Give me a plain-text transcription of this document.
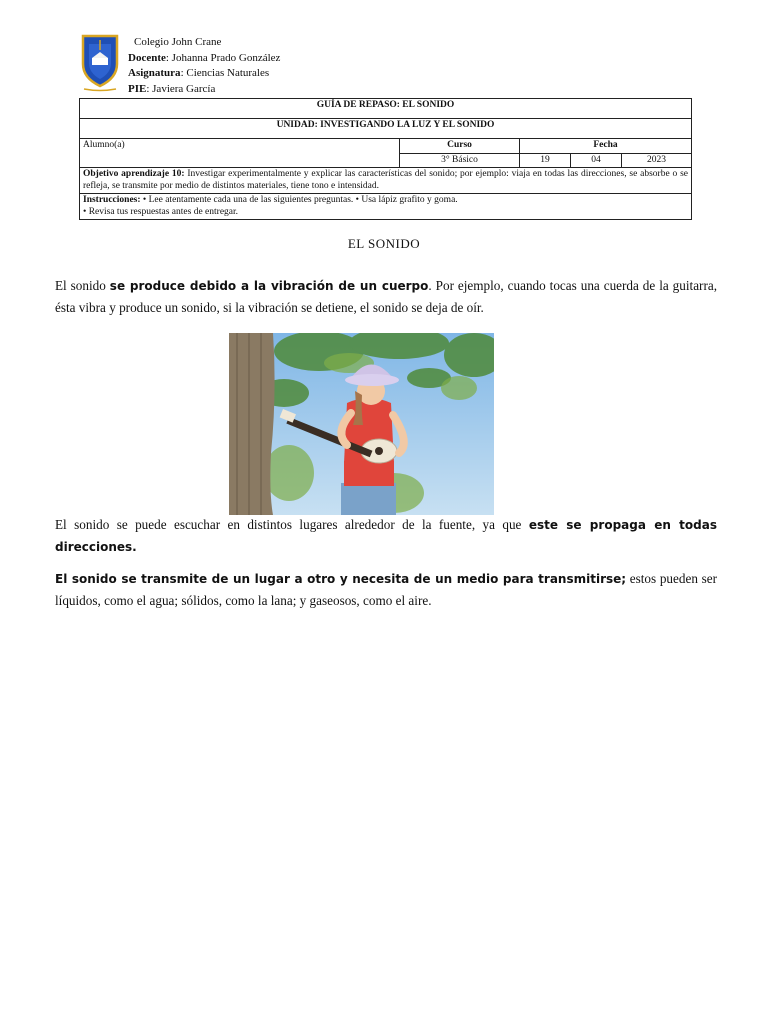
Colegio John Crane
Docente: Johanna Prado González
Asignatura: Ciencias Naturales
PIE: Javiera García
GUÍA DE REPASO: EL SONIDO				
UNIDAD: INVESTIGANDO LA LUZ Y EL SONIDO				
Alumno(a)	Curso	Fecha		
	3° Básico	19	04	2023
Objetivo aprendizaje 10: Investigar experimentalmente y explicar las características del sonido; por ejemplo: viaja en todas las direcciones, se absorbe o se refleja, se transmite por medio de distintos materiales, tiene tono e intensidad.				
Instrucciones: • Lee atentamente cada una de las siguientes preguntas. • Usa lápiz grafito y goma.
• Revisa tus respuestas antes de entregar.				
EL SONIDO
El sonido se produce debido a la vibración de un cuerpo. Por ejemplo, cuando tocas una cuerda de la guitarra, ésta vibra y produce un sonido, si la vibración se detiene, el sonido se deja de oír.
El sonido se puede escuchar en distintos lugares alrededor de la fuente, ya que este se propaga en todas direcciones.
El sonido se transmite de un lugar a otro y necesita de un medio para transmitirse; estos pueden ser líquidos, como el agua; sólidos, como la lana; y gaseosos, como el aire.
